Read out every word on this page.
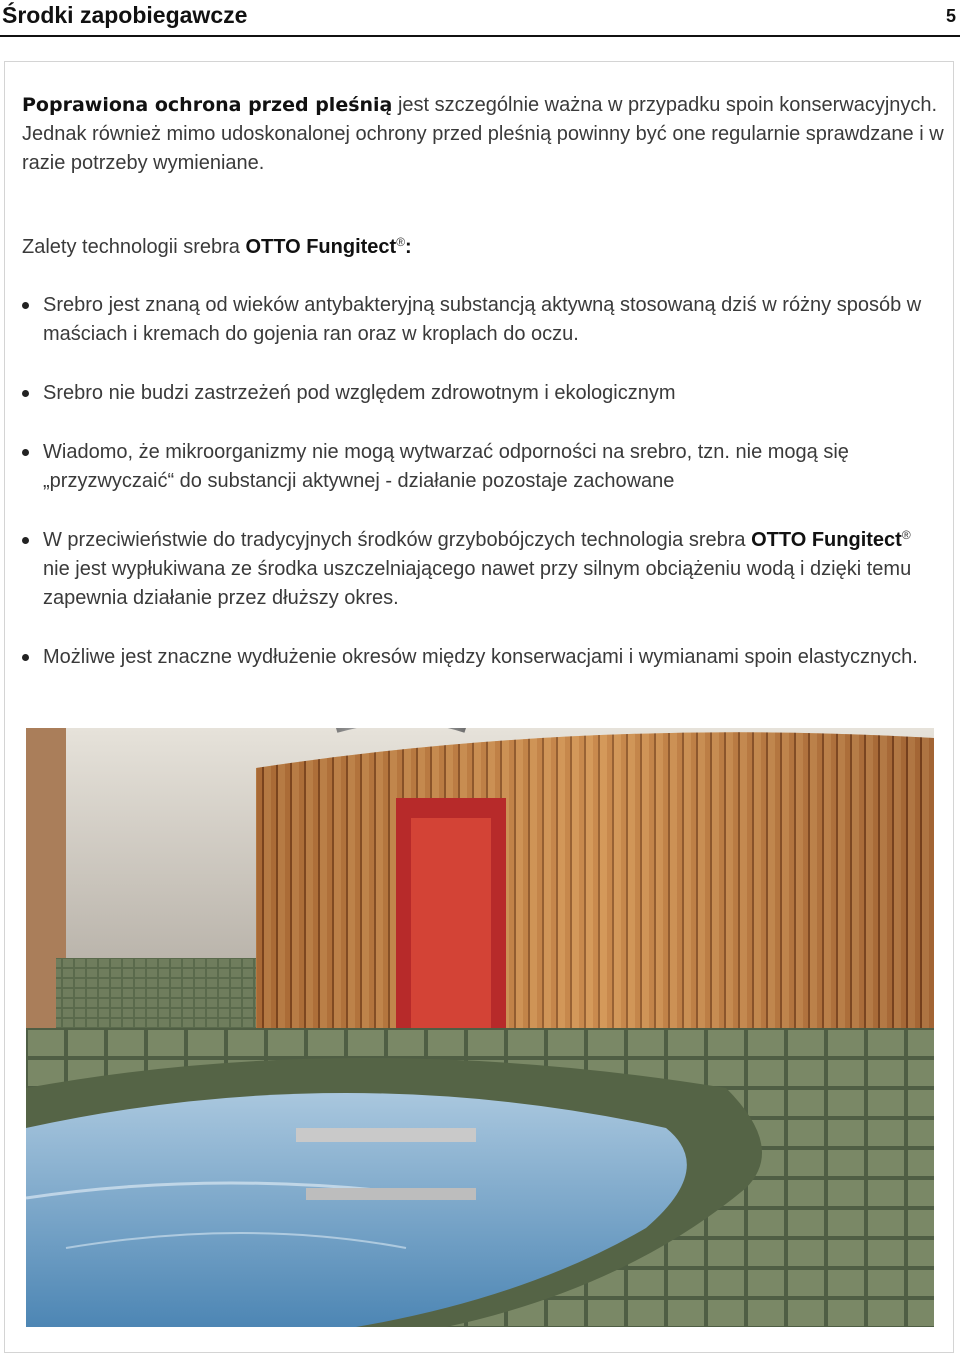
Środki zapobiegawcze	5

Poprawiona ochrona przed pleśnią jest szczególnie ważna w przypadku spoin konserwacyjnych. Jednak również mimo udoskonalonej ochrony przed pleśnią powinny być one regularnie sprawdzane i w razie potrzeby wymieniane.

Zalety technologii srebra OTTO Fungitect®:

Srebro jest znaną od wieków antybakteryjną substancją aktywną stosowaną dziś w różny sposób w maściach i kremach do gojenia ran oraz w kroplach do oczu.
Srebro nie budzi zastrzeżeń pod względem zdrowotnym i ekologicznym
Wiadomo, że mikroorganizmy nie mogą wytwarzać odporności na srebro, tzn. nie mogą się „przyzwyczaić“ do substancji aktywnej - działanie pozostaje zachowane
W przeciwieństwie do tradycyjnych środków grzybobójczych technologia srebra OTTO Fungitect® nie jest wypłukiwana ze środka uszczelniającego nawet przy silnym obciążeniu wodą i dzięki temu zapewnia działanie przez dłuższy okres.
Możliwe jest znaczne wydłużenie okresów między konserwacjami i wymianami spoin elastycznych.
